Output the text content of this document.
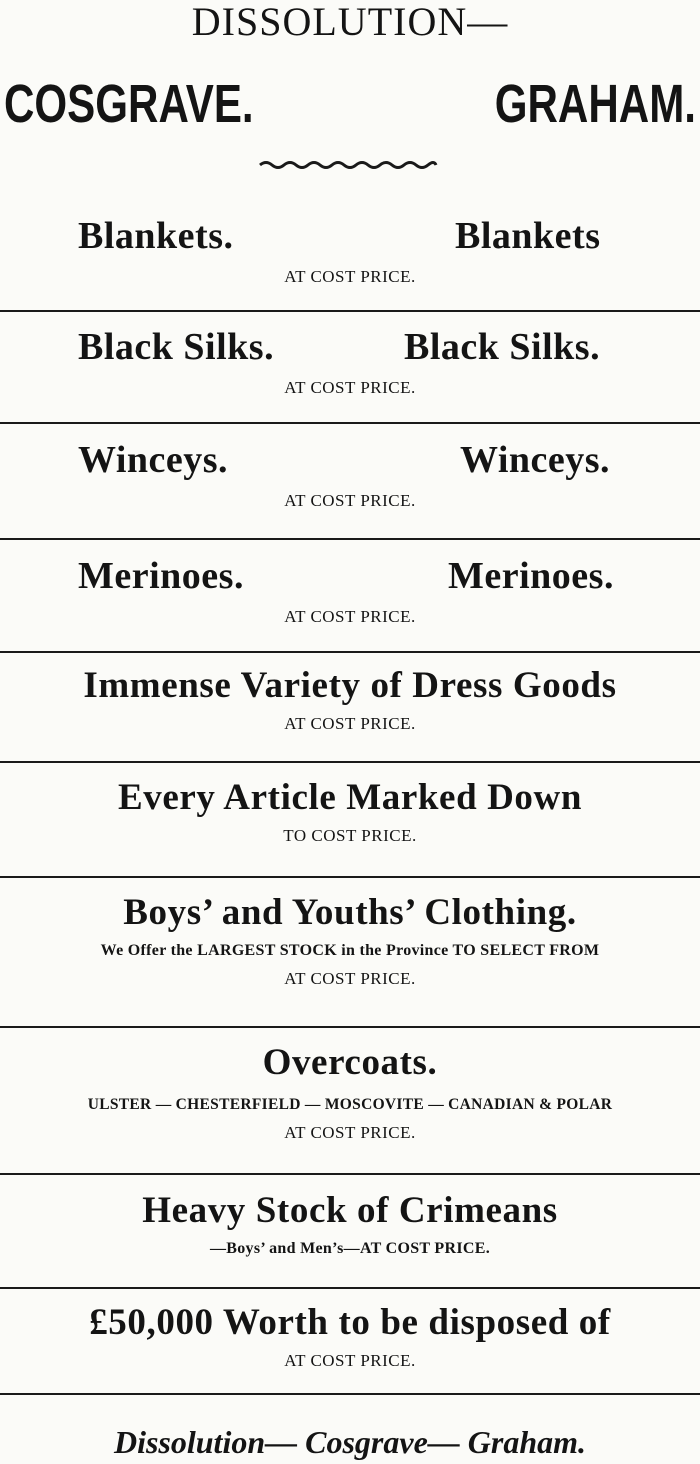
DISSOLUTION—
COSGRAVE.	GRAHAM.
Blankets.	Blankets
AT COST PRICE.
Black Silks.	Black Silks.
AT COST PRICE.
Winceys.	Winceys.
AT COST PRICE.
Merinoes.	Merinoes.
AT COST PRICE.
Immense Variety of Dress Goods
AT COST PRICE.
Every Article Marked Down
TO COST PRICE.
Boys’ and Youths’ Clothing.
We Offer the LARGEST STOCK in the Province TO SELECT FROM
AT COST PRICE.
Overcoats.
ULSTER — CHESTERFIELD — MOSCOVITE — CANADIAN & POLAR
AT COST PRICE.
Heavy Stock of Crimeans
—Boys’ and Men’s—AT COST PRICE.
£50,000 Worth to be disposed of
AT COST PRICE.
Dissolution— Cosgrave— Graham.
